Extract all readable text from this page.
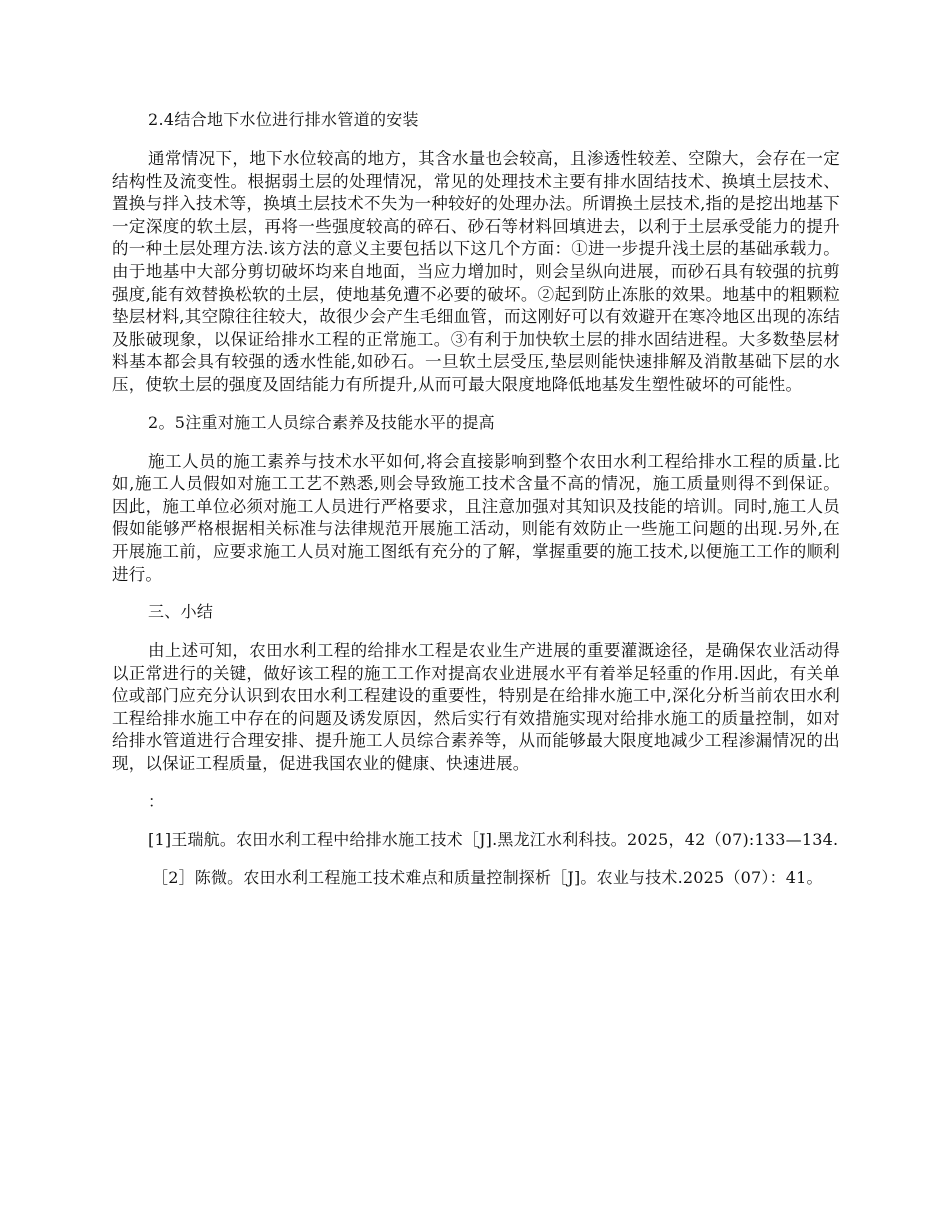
2.4结合地下水位进行排水管道的安装

通常情况下，地下水位较高的地方，其含水量也会较高，且渗透性较差、空隙大，会存在一定结构性及流变性。根据弱土层的处理情况，常见的处理技术主要有排水固结技术、换填土层技术、置换与拌入技术等，换填土层技术不失为一种较好的处理办法。所谓换土层技术,指的是挖出地基下一定深度的软土层，再将一些强度较高的碎石、砂石等材料回填进去，以利于土层承受能力的提升的一种土层处理方法.该方法的意义主要包括以下这几个方面：①进一步提升浅土层的基础承载力。由于地基中大部分剪切破坏均来自地面，当应力增加时，则会呈纵向进展，而砂石具有较强的抗剪强度,能有效替换松软的土层，使地基免遭不必要的破坏。②起到防止冻胀的效果。地基中的粗颗粒垫层材料,其空隙往往较大，故很少会产生毛细血管，而这刚好可以有效避开在寒冷地区出现的冻结及胀破现象，以保证给排水工程的正常施工。③有利于加快软土层的排水固结进程。大多数垫层材料基本都会具有较强的透水性能,如砂石。一旦软土层受压,垫层则能快速排解及消散基础下层的水压，使软土层的强度及固结能力有所提升,从而可最大限度地降低地基发生塑性破坏的可能性。

2。5注重对施工人员综合素养及技能水平的提高

施工人员的施工素养与技术水平如何,将会直接影响到整个农田水利工程给排水工程的质量.比如,施工人员假如对施工工艺不熟悉,则会导致施工技术含量不高的情况，施工质量则得不到保证。因此，施工单位必须对施工人员进行严格要求，且注意加强对其知识及技能的培训。同时,施工人员假如能够严格根据相关标准与法律规范开展施工活动，则能有效防止一些施工问题的出现.另外,在开展施工前，应要求施工人员对施工图纸有充分的了解，掌握重要的施工技术,以便施工工作的顺利进行。

三、小结

由上述可知，农田水利工程的给排水工程是农业生产进展的重要灌溉途径，是确保农业活动得以正常进行的关键，做好该工程的施工工作对提高农业进展水平有着举足轻重的作用.因此，有关单位或部门应充分认识到农田水利工程建设的重要性，特别是在给排水施工中,深化分析当前农田水利工程给排水施工中存在的问题及诱发原因，然后实行有效措施实现对给排水施工的质量控制，如对给排水管道进行合理安排、提升施工人员综合素养等，从而能够最大限度地减少工程渗漏情况的出现，以保证工程质量，促进我国农业的健康、快速进展。

：

[1]王瑞航。农田水利工程中给排水施工技术［J].黑龙江水利科技。2025，42（07):133—134.

［2］陈微。农田水利工程施工技术难点和质量控制探析［J]。农业与技术.2025（07）：41。
